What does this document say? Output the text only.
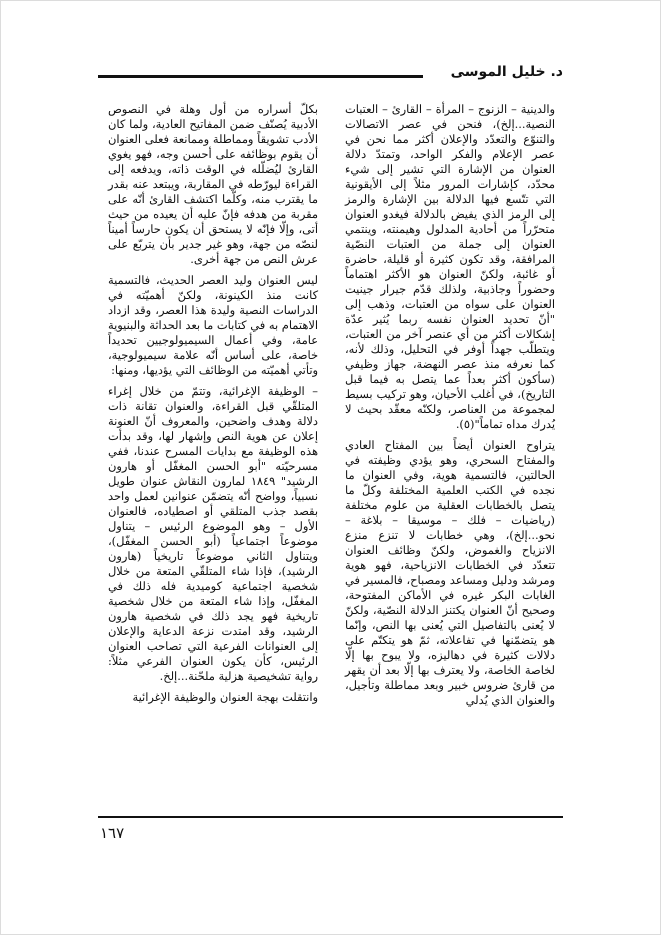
د. خليل الموسى

والدينية – الزنوج – المرأة – القارئ – العتبات النصية...إلخ)، فنحن في عصر الاتصالات والتنوّع والتعدّد والإعلان أكثر مما نحن في عصر الإعلام والفكر الواحد، وتمتدّ دلالة العنوان من الإشارة التي تشير إلى شيء محدّد، كإشارات المرور مثلاً إلى الأيقونية التي تتّسع فيها الدلالة بين الإشارة والرمز إلى الرمز الذي يفيض بالدلالة فيغدو العنوان متحرّراً من أحادية المدلول وهيمنته، وينتمي العنوان إلى جملة من العتبات النصّية المرافقة، وقد تكون كثيرة أو قليلة، حاضرة أو غائبة، ولكنّ العنوان هو الأكثر اهتماماً وحضوراً وجاذبية، ولذلك قدّم جيرار جينيت العنوان على سواه من العتبات، وذهب إلى "أنّ تحديد العنوان نفسه ربما يُثير عدّة إشكالات أكثر من أي عنصر آخر من العتبات، ويتطلّب جهداً أوفر في التحليل، وذلك لأنه، كما نعرفه منذ عصر النهضة، جهاز وظيفي (سأكون أكثر بعداً عما يتصل به فيما قبل التاريخ)، في أغلب الأحيان، وهو تركيب بسيط لمجموعة من العناصر، ولكنّه معقّد بحيث لا يُدرك مداه تماماً"(٥).

يتراوح العنوان أيضاً بين المفتاح العادي والمفتاح السحري، وهو يؤدي وظيفته في الحالتين، فالتسمية هوية، وفي العنوان ما نجده في الكتب العلمية المختلفة وكلّ ما يتصل بالخطابات العقلية من علوم مختلفة (رياضيات – فلك – موسيقا – بلاغة – نحو...إلخ)، وهي خطابات لا تنزع منزع الانزياح والغموض، ولكنّ وظائف العنوان تتعدّد في الخطابات الانزياحية، فهو هوية ومرشد ودليل ومساعد ومصباح، فالمسير في الغابات البكر غيره في الأماكن المفتوحة، وصحيح أنّ العنوان يكتنز الدلالة النصّية، ولكنّ لا يُعنى بالتفاصيل التي يُعنى بها النص، وإنّما هو يتضمّنها في تفاعلاته، ثمّ هو يتكتّم على دلالات كثيرة في دهاليزه، ولا يبوح بها إلّا لخاصة الخاصة، ولا يعترف بها إلّا بعد أن يقهر من قارئ ضروس خبير وبعد مماطلة وتأجيل، والعنوان الذي يُدلي

بكلّ أسراره من أول وهلة في النصوص الأدبية يُصنّف ضمن المفاتيح العادية، ولما كان الأدب تشويقاً ومماطلة وممانعة فعلى العنوان أن يقوم بوظائفه على أحسن وجه، فهو يغوي القارئ ليُضلّله في الوقت ذاته، ويدفعه إلى القراءة ليورّطه في المقاربة، ويبتعد عنه بقدر ما يقترب منه، وكلّما اكتشف القارئ أنّه على مقربة من هدفه فإنّ عليه أن يعيده من حيث أتى، وإلّا فإنّه لا يستحق أن يكون حارساً أميناً لنصّه من جهة، وهو غير جدير بأن يتربّع على عرش النص من جهة أخرى.

ليس العنوان وليد العصر الحديث، فالتسمية كانت منذ الكينونة، ولكنّ أهميّته في الدراسات النصية وليدة هذا العصر، وقد ازداد الاهتمام به في كتابات ما بعد الحداثة والبنيوية عامة، وفي أعمال السيميولوجيين تحديداً خاصة، على أساس أنّه علامة سيميولوجية، وتأتي أهميّته من الوظائف التي يؤديها، ومنها:

– الوظيفة الإغرائية، وتتمّ من خلال إغراء المتلقّي قبل القراءة، والعنوان تقانة ذات دلالة وهدف واضحين، والمعروف أنّ العنونة إعلان عن هوية النص وإشهار لها، وقد بدأت هذه الوظيفة مع بدايات المسرح عندنا، ففي مسرحيّته "أبو الحسن المغفّل أو هارون الرشيد" ١٨٤٩ لمارون النقاش عنوان طويل نسبياً، وواضح أنّه يتضمّن عنوانين لعمل واحد بقصد جذب المتلقي أو اصطياده، فالعنوان الأول – وهو الموضوع الرئيس – يتناول موضوعاً اجتماعياً (أبو الحسن المغفّل)، ويتناول الثاني موضوعاً تاريخياً (هارون الرشيد)، فإذا شاء المتلقّي المتعة من خلال شخصية اجتماعية كوميدية فله ذلك في المغفّل، وإذا شاء المتعة من خلال شخصية تاريخية فهو يجد ذلك في شخصية هارون الرشيد، وقد امتدت نزعة الدعاية والإعلان إلى العنوانات الفرعية التي تصاحب العنوان الرئيس، كأن يكون العنوان الفرعي مثلاً: رواية تشخيصية هزلية ملحّنة...إلخ.

وانتقلت بهجة العنوان والوظيفة الإغرائية

١٦٧
